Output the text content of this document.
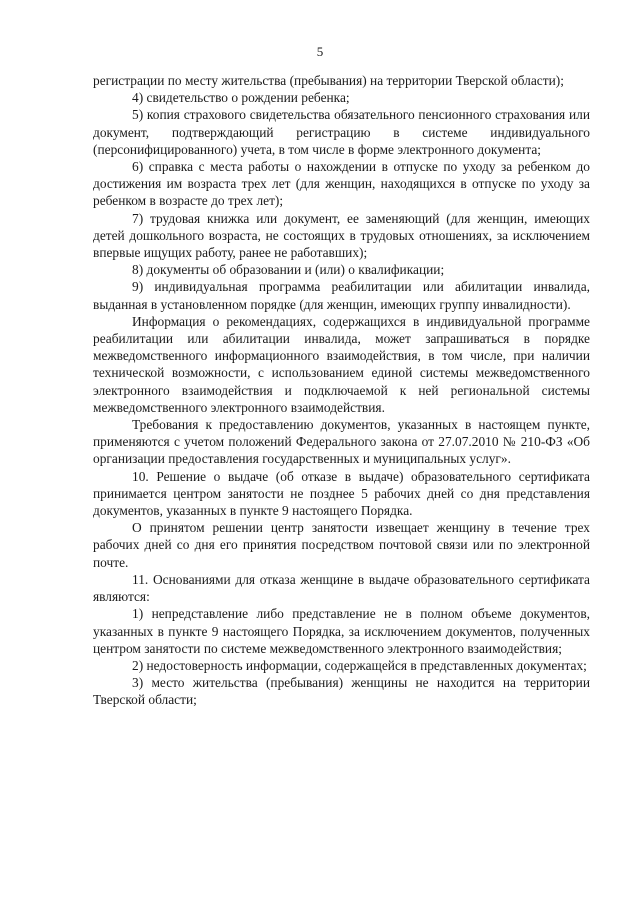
5

регистрации по месту жительства (пребывания) на территории Тверской области);

4) свидетельство о рождении ребенка;

5) копия страхового свидетельства обязательного пенсионного страхования или документ, подтверждающий регистрацию в системе индивидуального (персонифицированного) учета, в том числе в форме электронного документа;

6) справка с места работы о нахождении в отпуске по уходу за ребенком до достижения им возраста трех лет (для женщин, находящихся в отпуске по уходу за ребенком в возрасте до трех лет);

7) трудовая книжка или документ, ее заменяющий (для женщин, имеющих детей дошкольного возраста, не состоящих в трудовых отношениях, за исключением впервые ищущих работу, ранее не работавших);

8) документы об образовании и (или) о квалификации;

9) индивидуальная программа реабилитации или абилитации инвалида, выданная в установленном порядке (для женщин, имеющих группу инвалидности).

Информация о рекомендациях, содержащихся в индивидуальной программе реабилитации или абилитации инвалида, может запрашиваться в порядке межведомственного информационного взаимодействия, в том числе, при наличии технической возможности, с использованием единой системы межведомственного электронного взаимодействия и подключаемой к ней региональной системы межведомственного электронного взаимодействия.

Требования к предоставлению документов, указанных в настоящем пункте, применяются с учетом положений Федерального закона от 27.07.2010 № 210-ФЗ «Об организации предоставления государственных и муниципальных услуг».

10. Решение о выдаче (об отказе в выдаче) образовательного сертификата принимается центром занятости не позднее 5 рабочих дней со дня представления документов, указанных в пункте 9 настоящего Порядка.

О принятом решении центр занятости извещает женщину в течение трех рабочих дней со дня его принятия посредством почтовой связи или по электронной почте.

11. Основаниями для отказа женщине в выдаче образовательного сертификата являются:

1) непредставление либо представление не в полном объеме документов, указанных в пункте 9 настоящего Порядка, за исключением документов, полученных центром занятости по системе межведомственного электронного взаимодействия;

2) недостоверность информации, содержащейся в представленных документах;

3) место жительства (пребывания) женщины не находится на территории Тверской области;
